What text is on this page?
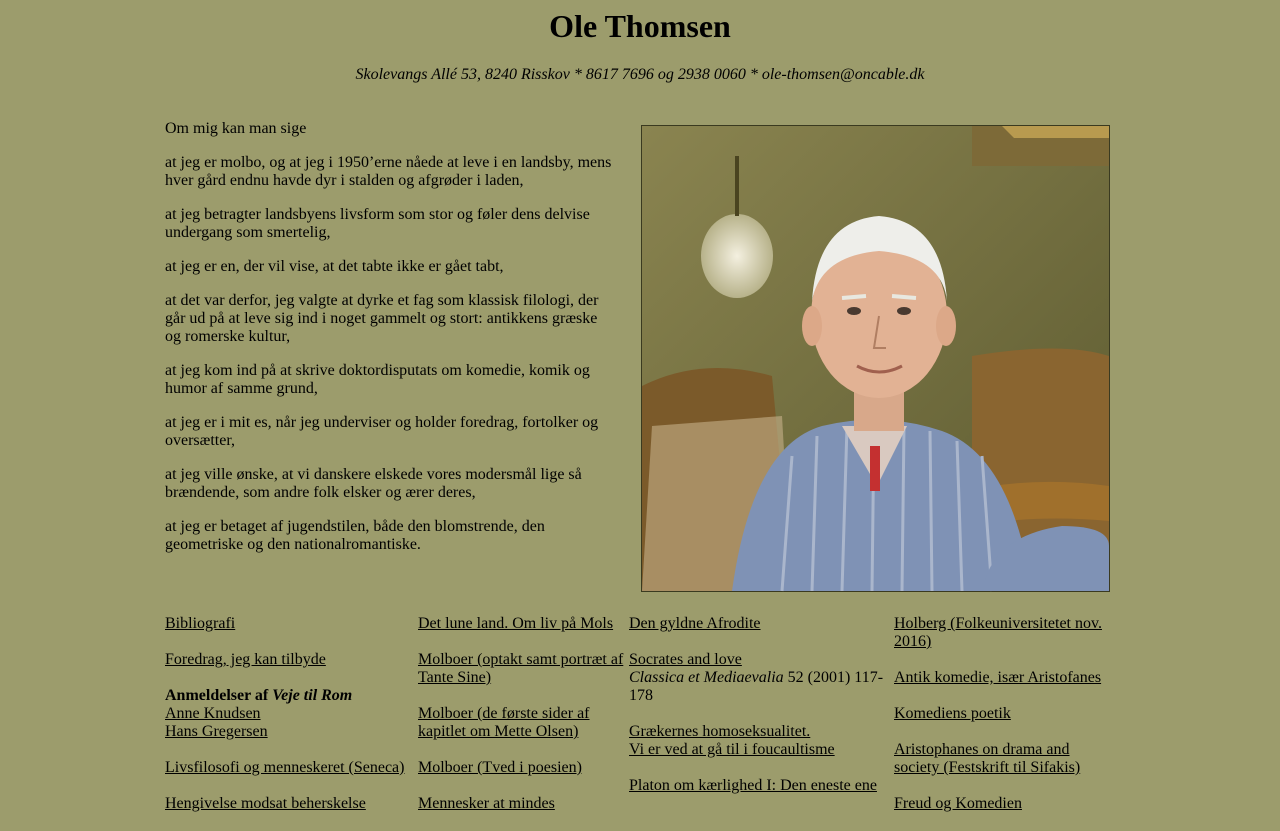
Ole Thomsen

Skolevangs Allé 53, 8240 Risskov * 8617 7696 og 2938 0060 * ole-thomsen@oncable.dk

Om mig kan man sige

at jeg er molbo, og at jeg i 1950’erne nåede at leve i en landsby, mens hver gård endnu havde dyr i stalden og afgrøder i laden,

at jeg betragter landsbyens livsform som stor og føler dens delvise undergang som smertelig,

at jeg er en, der vil vise, at det tabte ikke er gået tabt,

at det var derfor, jeg valgte at dyrke et fag som klassisk filologi, der går ud på at leve sig ind i noget gammelt og stort: antikkens græske og romerske kultur,

at jeg kom ind på at skrive doktordisputats om komedie, komik og humor af samme grund,

at jeg er i mit es, når jeg underviser og holder foredrag, fortolker og oversætter,

at jeg ville ønske, at vi danskere elskede vores modersmål lige så brændende, som andre folk elsker og ærer deres,

at jeg er betaget af jugendstilen, både den blomstrende, den geometriske og den nationalromantiske.

Bibliografi

Foredrag, jeg kan tilbyde

Anmeldelser af Veje til Rom
Anne Knudsen
Hans Gregersen

Livsfilosofi og menneskeret (Seneca)

Hengivelse modsat beherskelse

Det lune land. Om liv på Mols

Molboer (optakt samt portræt af Tante Sine)

Molboer (de første sider af kapitlet om Mette Olsen)

Molboer (Tved i poesien)

Mennesker at mindes

Den gyldne Afrodite

Socrates and love
Classica et Mediaevalia 52 (2001) 117-178

Grækernes homoseksualitet.
Vi er ved at gå til i foucaultisme

Platon om kærlighed I: Den eneste ene

Holberg (Folkeuniversitetet nov. 2016)

Antik komedie, især Aristofanes

Komediens poetik

Aristophanes on drama and society (Festskrift til Sifakis)

Freud og Komedien
